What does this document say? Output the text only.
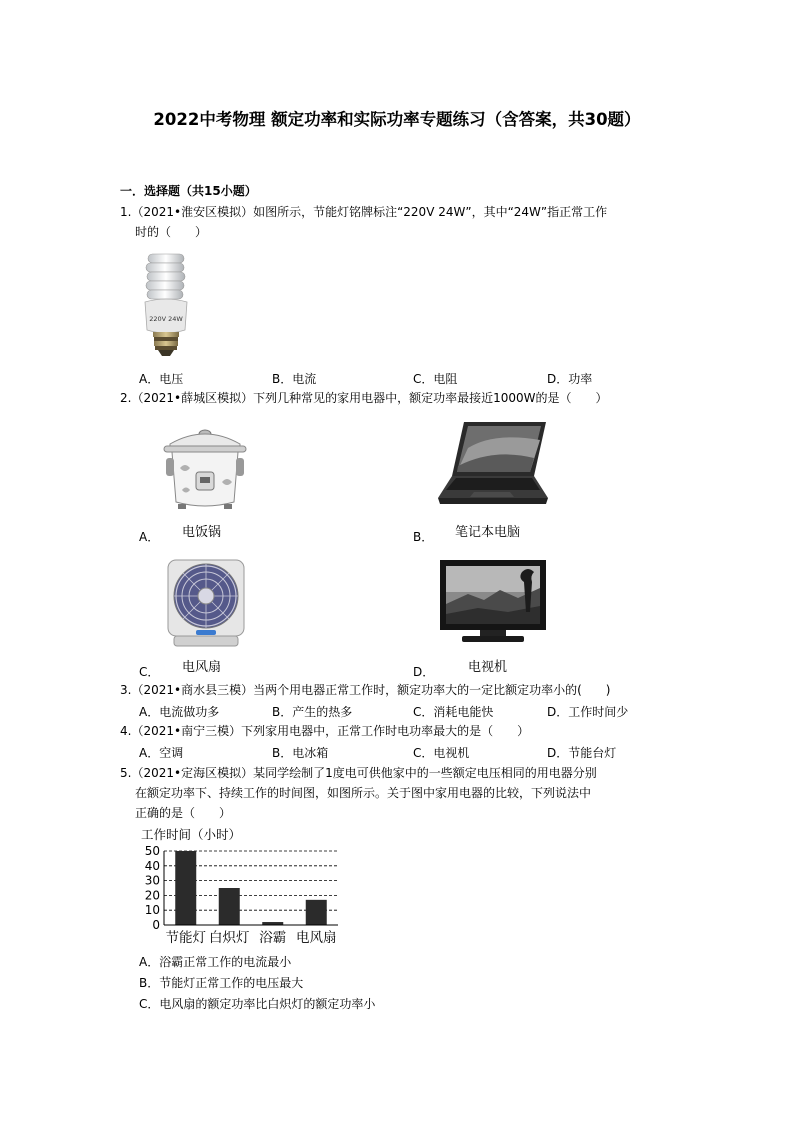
2022中考物理 额定功率和实际功率专题练习（含答案，共30题）
一．选择题（共15小题）
1.（2021•淮安区模拟）如图所示，节能灯铭牌标注“220V 24W”，其中“24W”指正常工作
时的（　　）
220V 24W
A．电压	B．电流	C．电阻	D．功率
2.（2021•薛城区模拟）下列几种常见的家用电器中，额定功率最接近1000W的是（　　）
A． 电饭锅	B． 笔记本电脑
C． 电风扇	D．	电视机
3.（2021•商水县三模）当两个用电器正常工作时，额定功率大的一定比额定功率小的(　　)
A．电流做功多	B．产生的热多	C．消耗电能快	D．工作时间少
4.（2021•南宁三模）下列家用电器中，正常工作时电功率最大的是（　　）
A．空调	B．电冰箱	C．电视机	D．节能台灯
5.（2021•定海区模拟）某同学绘制了1度电可供他家中的一些额定电压相同的用电器分别
在额定功率下、持续工作的时间图，如图所示。关于图中家用电器的比较，下列说法中
正确的是（　　）
工作时间（小时）
0
10
20
30
40
50
节能灯 白炽灯 浴霸 电风扇
A．浴霸正常工作的电流最小
B．节能灯正常工作的电压最大
C．电风扇的额定功率比白炽灯的额定功率小
